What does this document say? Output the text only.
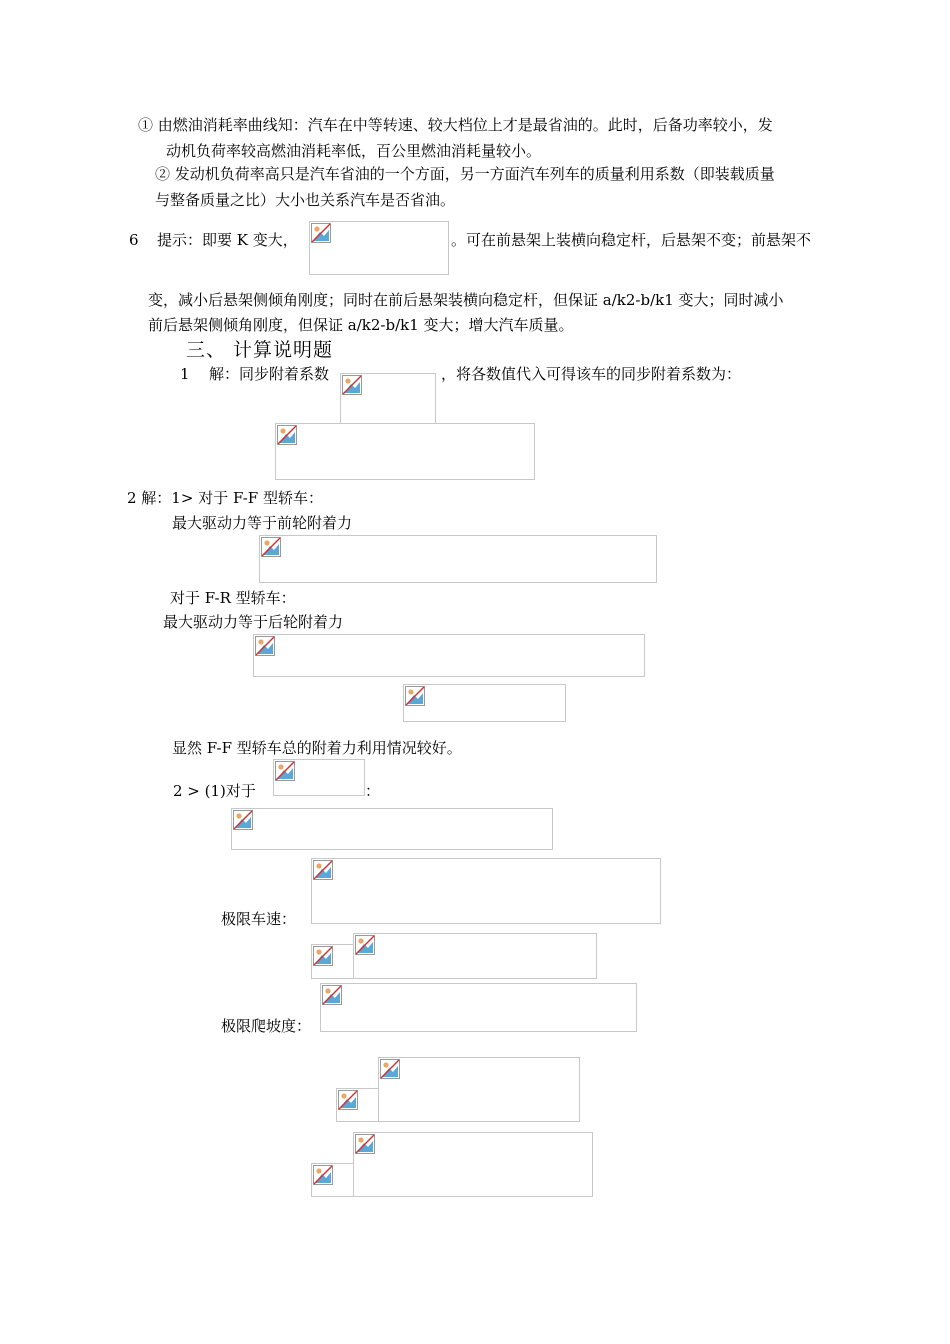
① 由燃油消耗率曲线知：汽车在中等转速、较大档位上才是最省油的。此时，后备功率较小，发
动机负荷率较高燃油消耗率低，百公里燃油消耗量较小。
② 发动机负荷率高只是汽车省油的一个方面，另一方面汽车列车的质量利用系数（即装载质量
与整备质量之比）大小也关系汽车是否省油。
6 提示：即要 K 变大，	。可在前悬架上装横向稳定杆，后悬架不变；前悬架不
变，减小后悬架侧倾角刚度；同时在前后悬架装横向稳定杆，但保证 a/k2-b/k1 变大；同时减小
前后悬架侧倾角刚度，但保证 a/k2-b/k1 变大；增大汽车质量。
三、 计算说明题
1 解：同步附着系数	，将各数值代入可得该车的同步附着系数为：
2 解：1> 对于 F-F 型轿车：
最大驱动力等于前轮附着力
对于 F-R 型轿车：
最大驱动力等于后轮附着力
显然 F-F 型轿车总的附着力利用情况较好。
2 > (1)对于	：
极限车速：
极限爬坡度：
